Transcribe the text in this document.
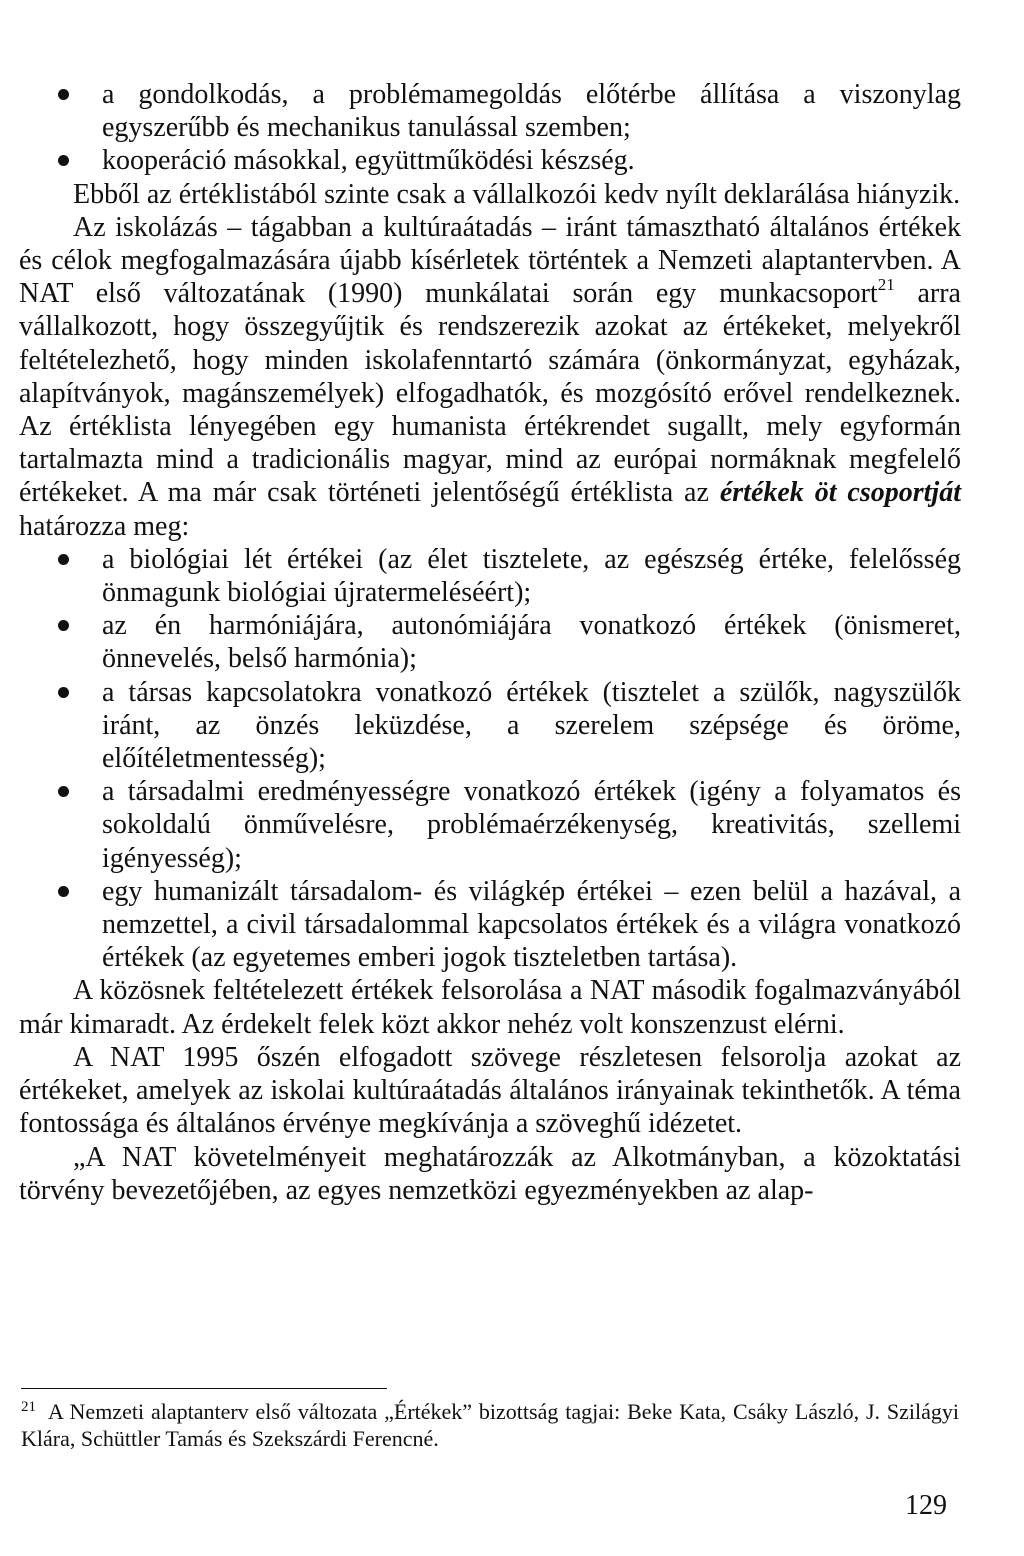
a gondolkodás, a problémamegoldás előtérbe állítása a viszonylag egyszerűbb és mechanikus tanulással szemben;
kooperáció másokkal, együttműködési készség.

Ebből az értéklistából szinte csak a vállalkozói kedv nyílt deklarálása hiányzik.

Az iskolázás – tágabban a kultúraátadás – iránt támasztható általános értékek és célok megfogalmazására újabb kísérletek történtek a Nemzeti alaptantervben. A NAT első változatának (1990) munkálatai során egy munkacsoport$^{21}$ arra vállalkozott, hogy összegyűjtik és rendszerezik azokat az értékeket, melyekről feltételezhető, hogy minden iskolafenntartó számára (önkormányzat, egyházak, alapítványok, magánszemélyek) elfogadhatók, és mozgósító erővel rendelkeznek. Az értéklista lényegében egy humanista értékrendet sugallt, mely egyformán tartalmazta mind a tradicionális magyar, mind az európai normáknak megfelelő értékeket. A ma már csak történeti jelentőségű értéklista az értékek öt csoportját határozza meg:

a biológiai lét értékei (az élet tisztelete, az egészség értéke, felelősség önmagunk biológiai újratermeléséért);
az én harmóniájára, autonómiájára vonatkozó értékek (önismeret, önnevelés, belső harmónia);
a társas kapcsolatokra vonatkozó értékek (tisztelet a szülők, nagyszülők iránt, az önzés leküzdése, a szerelem szépsége és öröme, előítéletmentesség);
a társadalmi eredményességre vonatkozó értékek (igény a folyamatos és sokoldalú önművelésre, problémaérzékenység, kreativitás, szellemi igényesség);
egy humanizált társadalom- és világkép értékei – ezen belül a hazával, a nemzettel, a civil társadalommal kapcsolatos értékek és a világra vonatkozó értékek (az egyetemes emberi jogok tiszteletben tartása).

A közösnek feltételezett értékek felsorolása a NAT második fogalmazványából már kimaradt. Az érdekelt felek közt akkor nehéz volt konszenzust elérni.

A NAT 1995 őszén elfogadott szövege részletesen felsorolja azokat az értékeket, amelyek az iskolai kultúraátadás általános irányainak tekinthetők. A téma fontossága és általános érvénye megkívánja a szöveghű idézetet.

„A NAT követelményeit meghatározzák az Alkotmányban, a közoktatási törvény bevezetőjében, az egyes nemzetközi egyezményekben az alap-

$^{21}$ A Nemzeti alaptanterv első változata „Értékek” bizottság tagjai: Beke Kata, Csáky László, J. Szilágyi Klára, Schüttler Tamás és Szekszárdi Ferencné.
129
